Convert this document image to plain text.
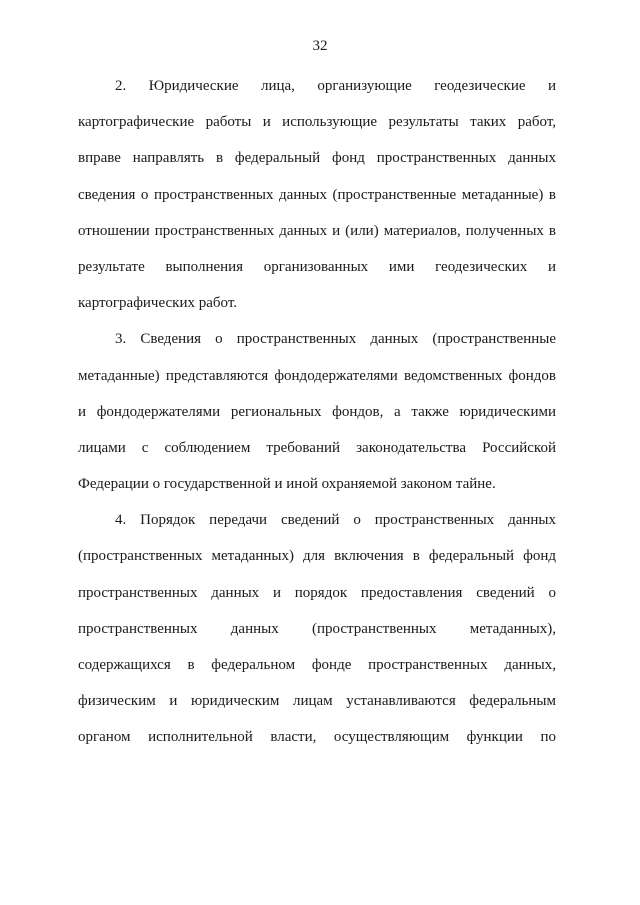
32
2. Юридические лица, организующие геодезические и
картографические работы и использующие результаты таких работ,
вправе направлять в федеральный фонд пространственных данных
сведения о пространственных данных (пространственные метаданные) в
отношении пространственных данных и (или) материалов, полученных в
результате выполнения организованных ими геодезических и
картографических работ.
3. Сведения о пространственных данных (пространственные
метаданные) представляются фондодержателями ведомственных фондов
и фондодержателями региональных фондов, а также юридическими
лицами с соблюдением требований законодательства Российской
Федерации о государственной и иной охраняемой законом тайне.
4. Порядок передачи сведений о пространственных данных
(пространственных метаданных) для включения в федеральный фонд
пространственных данных и порядок предоставления сведений о
пространственных данных (пространственных метаданных),
содержащихся в федеральном фонде пространственных данных,
физическим и юридическим лицам устанавливаются федеральным
органом исполнительной власти, осуществляющим функции по
